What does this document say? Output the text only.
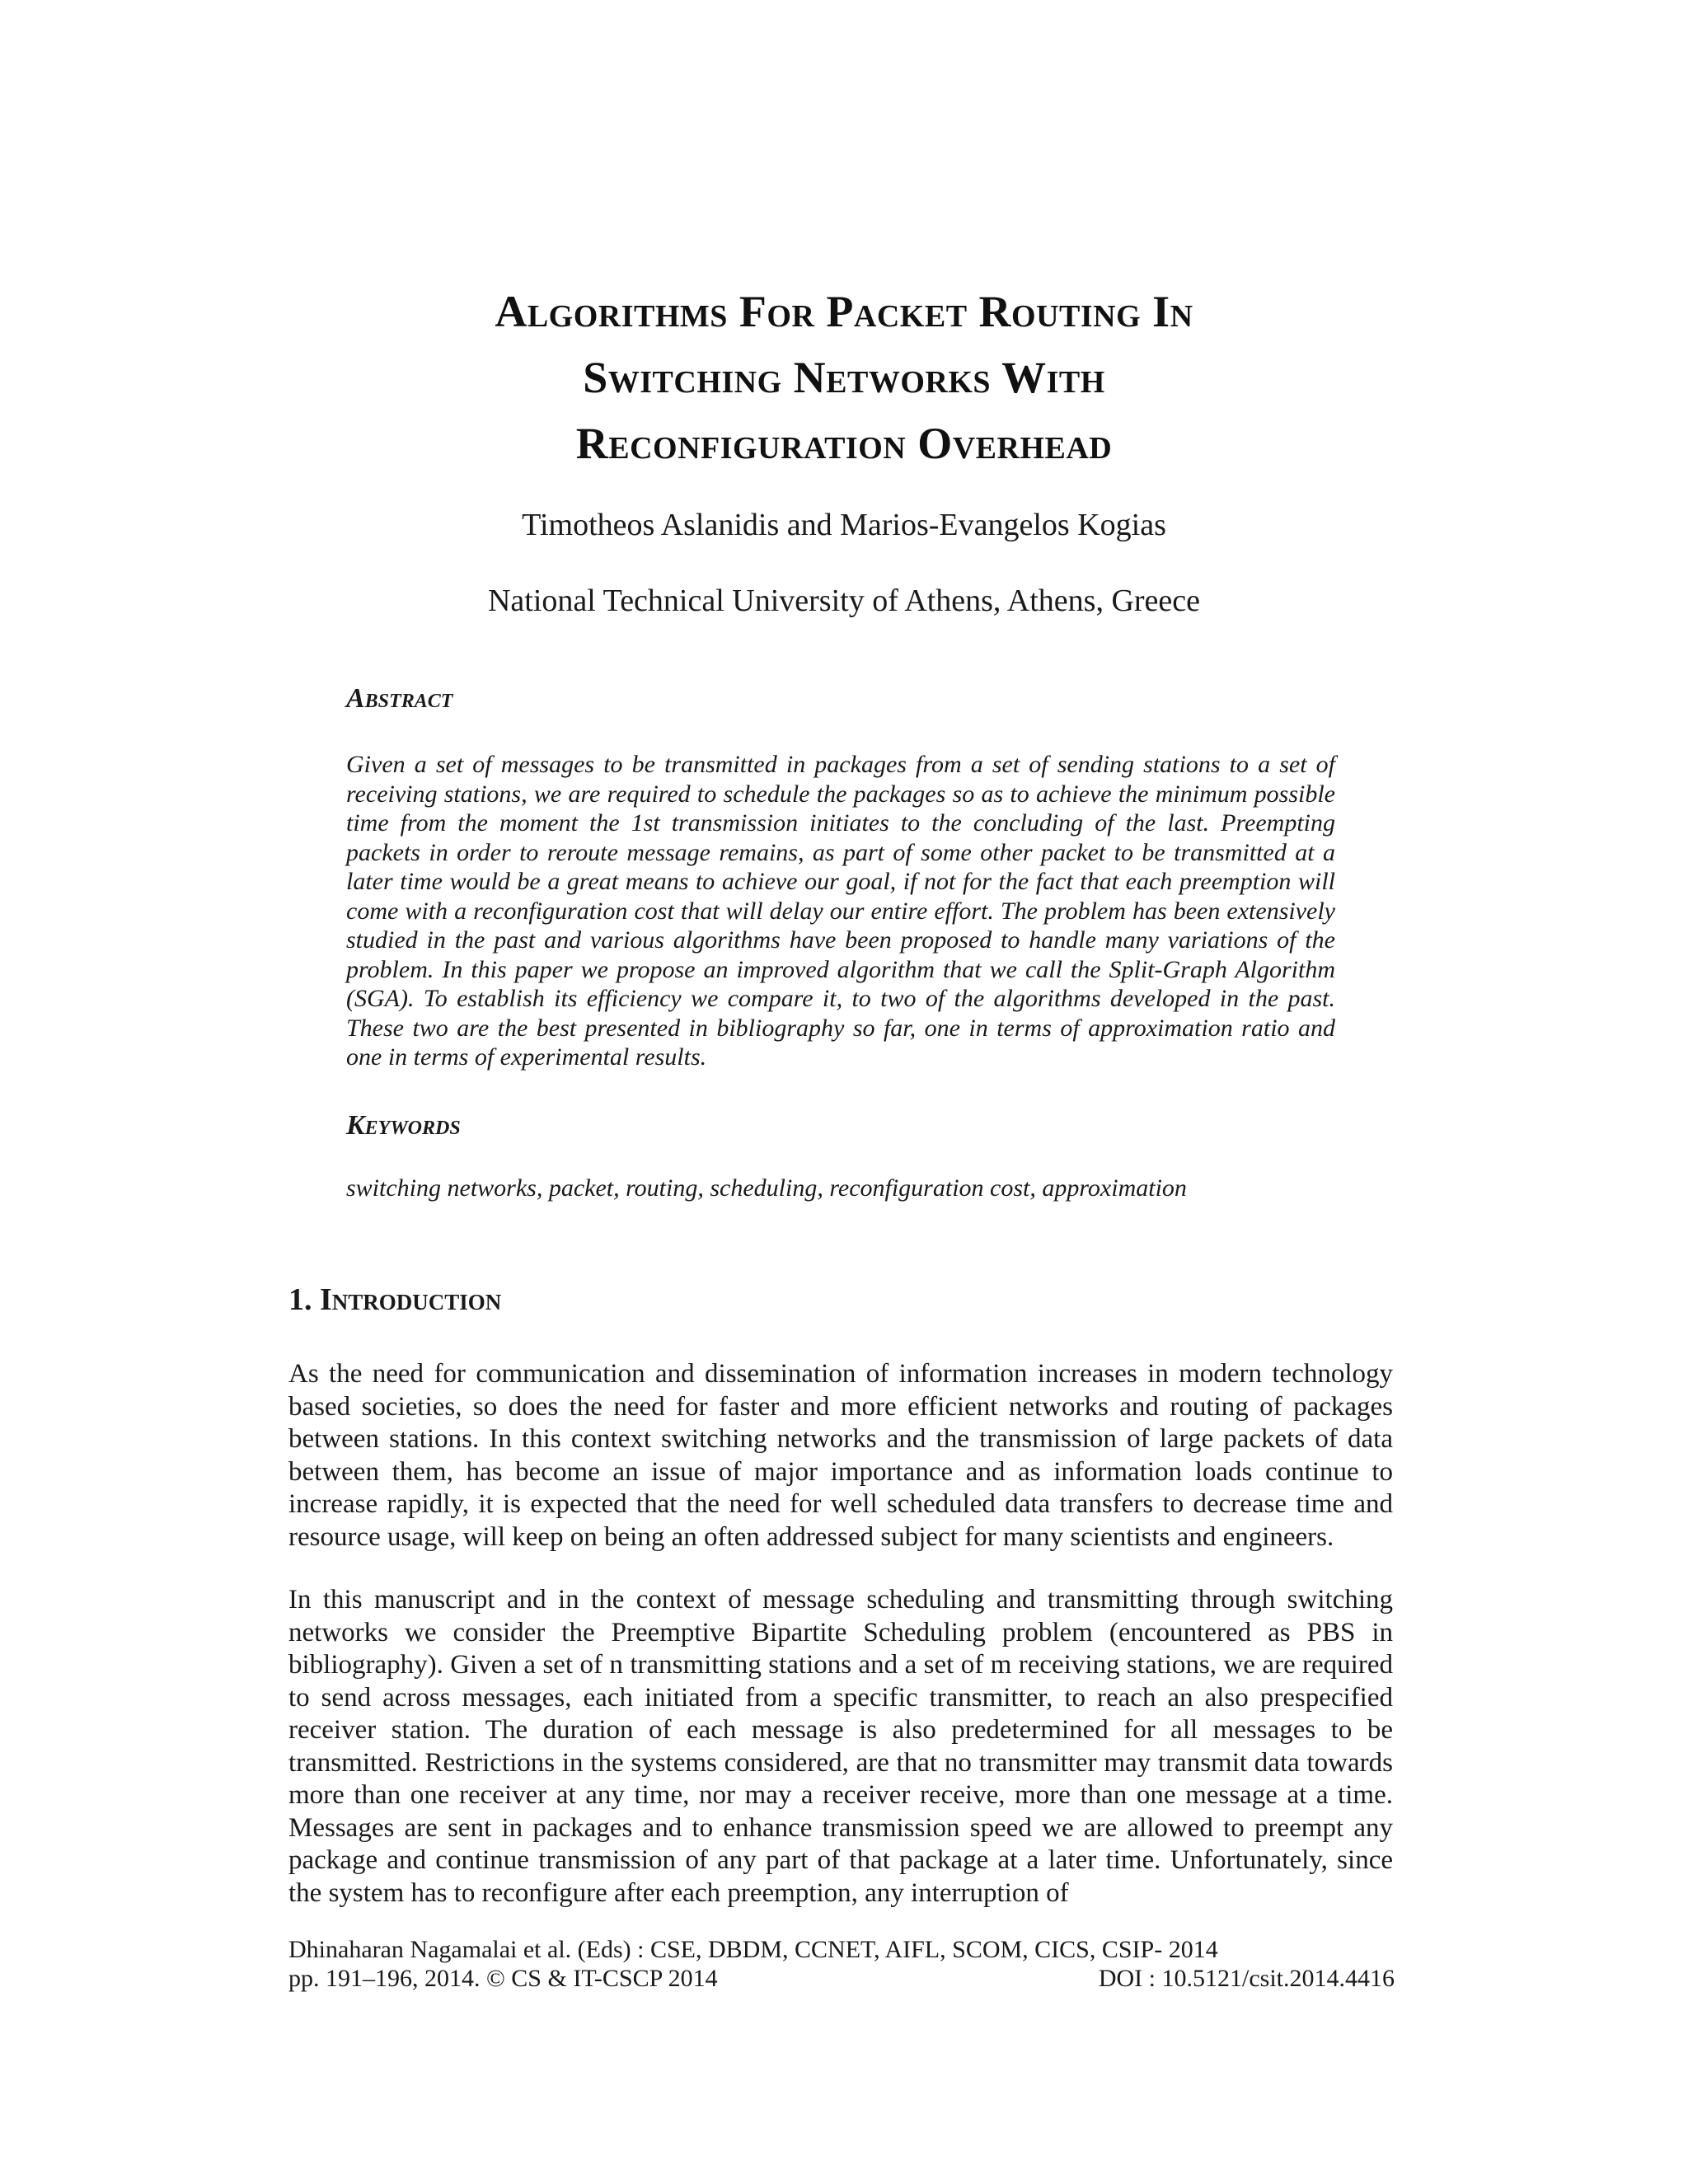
Algorithms For Packet Routing In
Switching Networks With
Reconfiguration Overhead
Timotheos Aslanidis and Marios-Evangelos Kogias
National Technical University of Athens, Athens, Greece
Abstract
Given a set of messages to be transmitted in packages from a set of sending stations to a set of receiving stations, we are required to schedule the packages so as to achieve the minimum possible time from the moment the 1st transmission initiates to the concluding of the last. Preempting packets in order to reroute message remains, as part of some other packet to be transmitted at a later time would be a great means to achieve our goal, if not for the fact that each preemption will come with a reconfiguration cost that will delay our entire effort. The problem has been extensively studied in the past and various algorithms have been proposed to handle many variations of the problem. In this paper we propose an improved algorithm that we call the Split-Graph Algorithm (SGA). To establish its efficiency we compare it, to two of the algorithms developed in the past. These two are the best presented in bibliography so far, one in terms of approximation ratio and one in terms of experimental results.
Keywords
switching networks, packet, routing, scheduling, reconfiguration cost, approximation
1. Introduction
As the need for communication and dissemination of information increases in modern technology based societies, so does the need for faster and more efficient networks and routing of packages between stations. In this context switching networks and the transmission of large packets of data between them, has become an issue of major importance and as information loads continue to increase rapidly, it is expected that the need for well scheduled data transfers to decrease time and resource usage, will keep on being an often addressed subject for many scientists and engineers.
In this manuscript and in the context of message scheduling and transmitting through switching networks we consider the Preemptive Bipartite Scheduling problem (encountered as PBS in bibliography). Given a set of n transmitting stations and a set of m receiving stations, we are required to send across messages, each initiated from a specific transmitter, to reach an also prespecified receiver station. The duration of each message is also predetermined for all messages to be transmitted. Restrictions in the systems considered, are that no transmitter may transmit data towards more than one receiver at any time, nor may a receiver receive, more than one message at a time. Messages are sent in packages and to enhance transmission speed we are allowed to preempt any package and continue transmission of any part of that package at a later time. Unfortunately, since the system has to reconfigure after each preemption, any interruption of
Dhinaharan Nagamalai et al. (Eds) : CSE, DBDM, CCNET, AIFL, SCOM, CICS, CSIP- 2014
pp. 191–196, 2014. © CS & IT-CSCP 2014	DOI : 10.5121/csit.2014.4416
